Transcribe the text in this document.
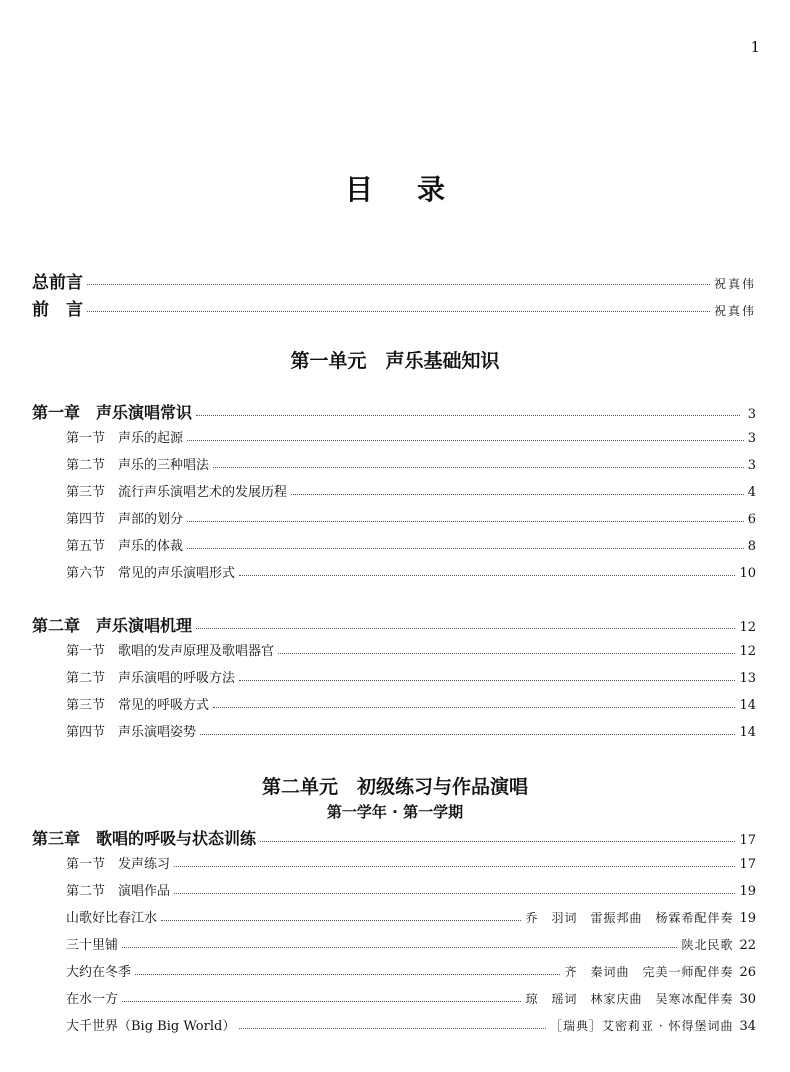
1
目录
总前言	祝真伟
前　言	祝真伟
第一单元　声乐基础知识
第一章　声乐演唱常识	3
第一节　声乐的起源	3
第二节　声乐的三种唱法	3
第三节　流行声乐演唱艺术的发展历程	4
第四节　声部的划分	6
第五节　声乐的体裁	8
第六节　常见的声乐演唱形式	10
第二章　声乐演唱机理	12
第一节　歌唱的发声原理及歌唱器官	12
第二节　声乐演唱的呼吸方法	13
第三节　常见的呼吸方式	14
第四节　声乐演唱姿势	14
第二单元　初级练习与作品演唱
第一学年 · 第一学期
第三章　歌唱的呼吸与状态训练	17
第一节　发声练习	17
第二节　演唱作品	19
山歌好比春江水	乔　羽词　雷振邦曲　杨霖希配伴奏 19
三十里铺	陕北民歌 22
大约在冬季	齐　秦词曲　完美一师配伴奏 26
在水一方	琼　瑶词　林家庆曲　吴寒冰配伴奏 30
大千世界（Big Big World）	［瑞典］艾密莉亚 · 怀得堡词曲 34
